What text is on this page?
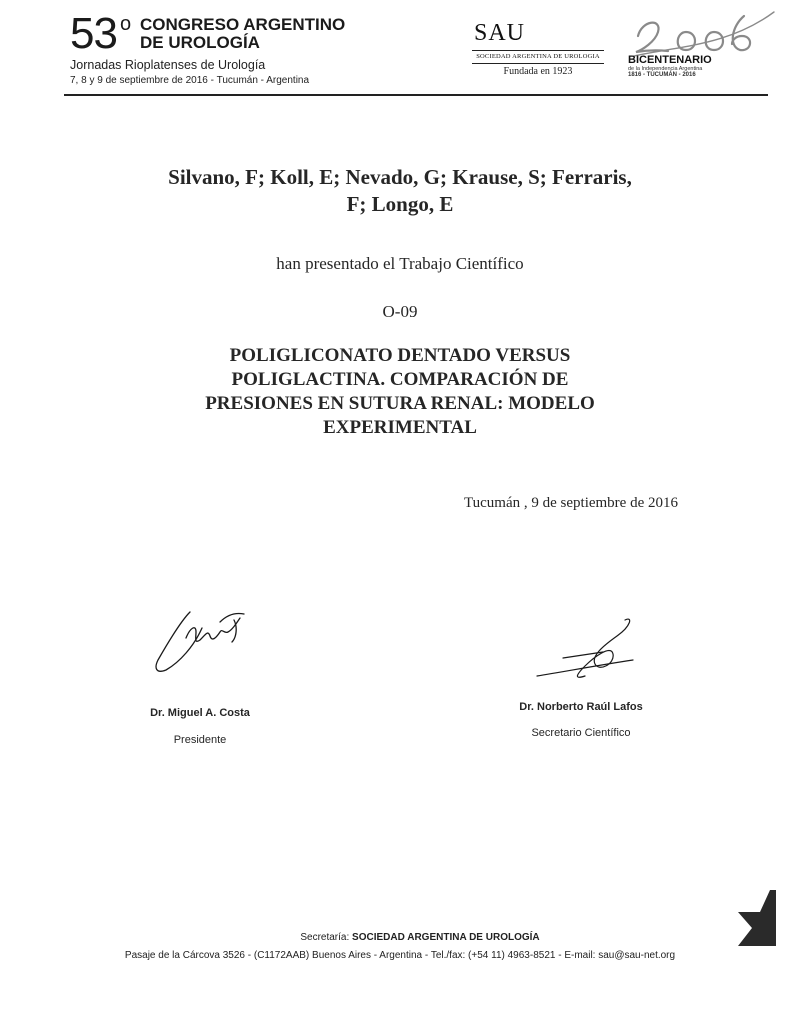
53 o CONGRESO ARGENTINO
DE UROLOGÍA
Jornadas Rioplatenses de Urología
7, 8 y 9 de septiembre de 2016 - Tucumán - Argentina
SAU
SOCIEDAD ARGENTINA DE UROLOGIA
Fundada en 1923
BICENTENARIO
de la Independencia Argentina
1816 - TUCUMÁN - 2016
Silvano, F; Koll, E; Nevado, G; Krause, S; Ferraris,
F; Longo, E
han presentado el Trabajo Científico
O-09
POLIGLICONATO DENTADO VERSUS
POLIGLACTINA. COMPARACIÓN DE
PRESIONES EN SUTURA RENAL: MODELO
EXPERIMENTAL
Tucumán , 9 de septiembre de 2016
Dr. Miguel A. Costa
Presidente
Dr. Norberto Raúl Lafos
Secretario Científico
Secretaría: SOCIEDAD ARGENTINA DE UROLOGÍA
Pasaje de la Cárcova 3526 - (C1172AAB) Buenos Aires - Argentina - Tel./fax: (+54 11) 4963-8521 - E-mail: sau@sau-net.org
